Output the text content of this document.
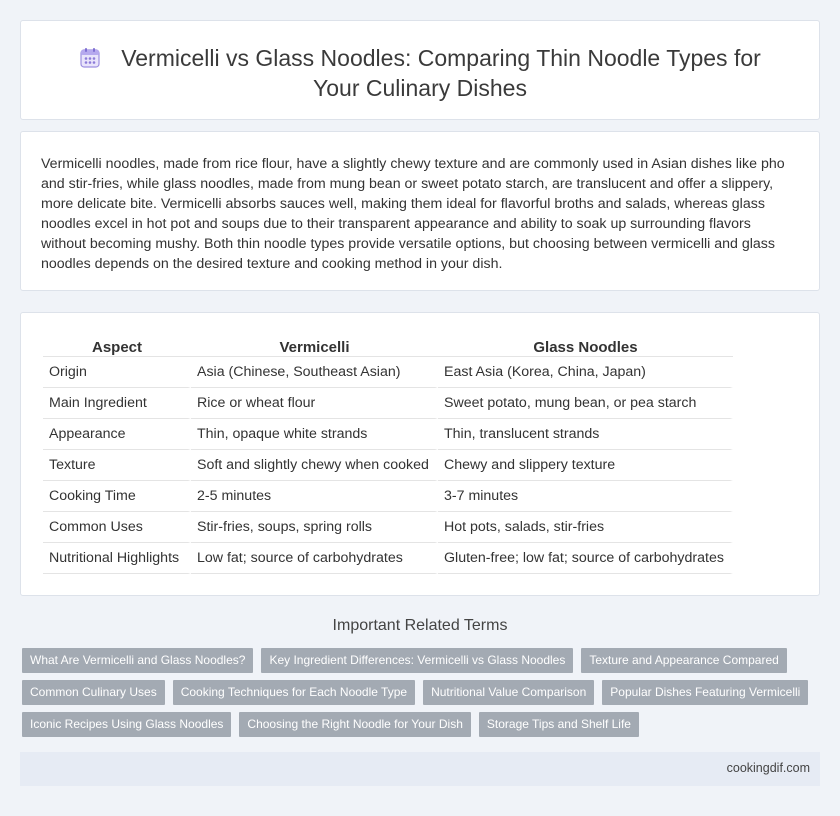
Vermicelli vs Glass Noodles: Comparing Thin Noodle Types for Your Culinary Dishes

Vermicelli noodles, made from rice flour, have a slightly chewy texture and are commonly used in Asian dishes like pho and stir-fries, while glass noodles, made from mung bean or sweet potato starch, are translucent and offer a slippery, more delicate bite. Vermicelli absorbs sauces well, making them ideal for flavorful broths and salads, whereas glass noodles excel in hot pot and soups due to their transparent appearance and ability to soak up surrounding flavors without becoming mushy. Both thin noodle types provide versatile options, but choosing between vermicelli and glass noodles depends on the desired texture and cooking method in your dish.

Aspect	Vermicelli	Glass Noodles
Origin	Asia (Chinese, Southeast Asian)	East Asia (Korea, China, Japan)
Main Ingredient	Rice or wheat flour	Sweet potato, mung bean, or pea starch
Appearance	Thin, opaque white strands	Thin, translucent strands
Texture	Soft and slightly chewy when cooked	Chewy and slippery texture
Cooking Time	2-5 minutes	3-7 minutes
Common Uses	Stir-fries, soups, spring rolls	Hot pots, salads, stir-fries
Nutritional Highlights	Low fat; source of carbohydrates	Gluten-free; low fat; source of carbohydrates
Important Related Terms
What Are Vermicelli and Glass Noodles?	Key Ingredient Differences: Vermicelli vs Glass Noodles	Texture and Appearance Compared
Common Culinary Uses	Cooking Techniques for Each Noodle Type	Nutritional Value Comparison	Popular Dishes Featuring Vermicelli
Iconic Recipes Using Glass Noodles	Choosing the Right Noodle for Your Dish	Storage Tips and Shelf Life
cookingdif.com
